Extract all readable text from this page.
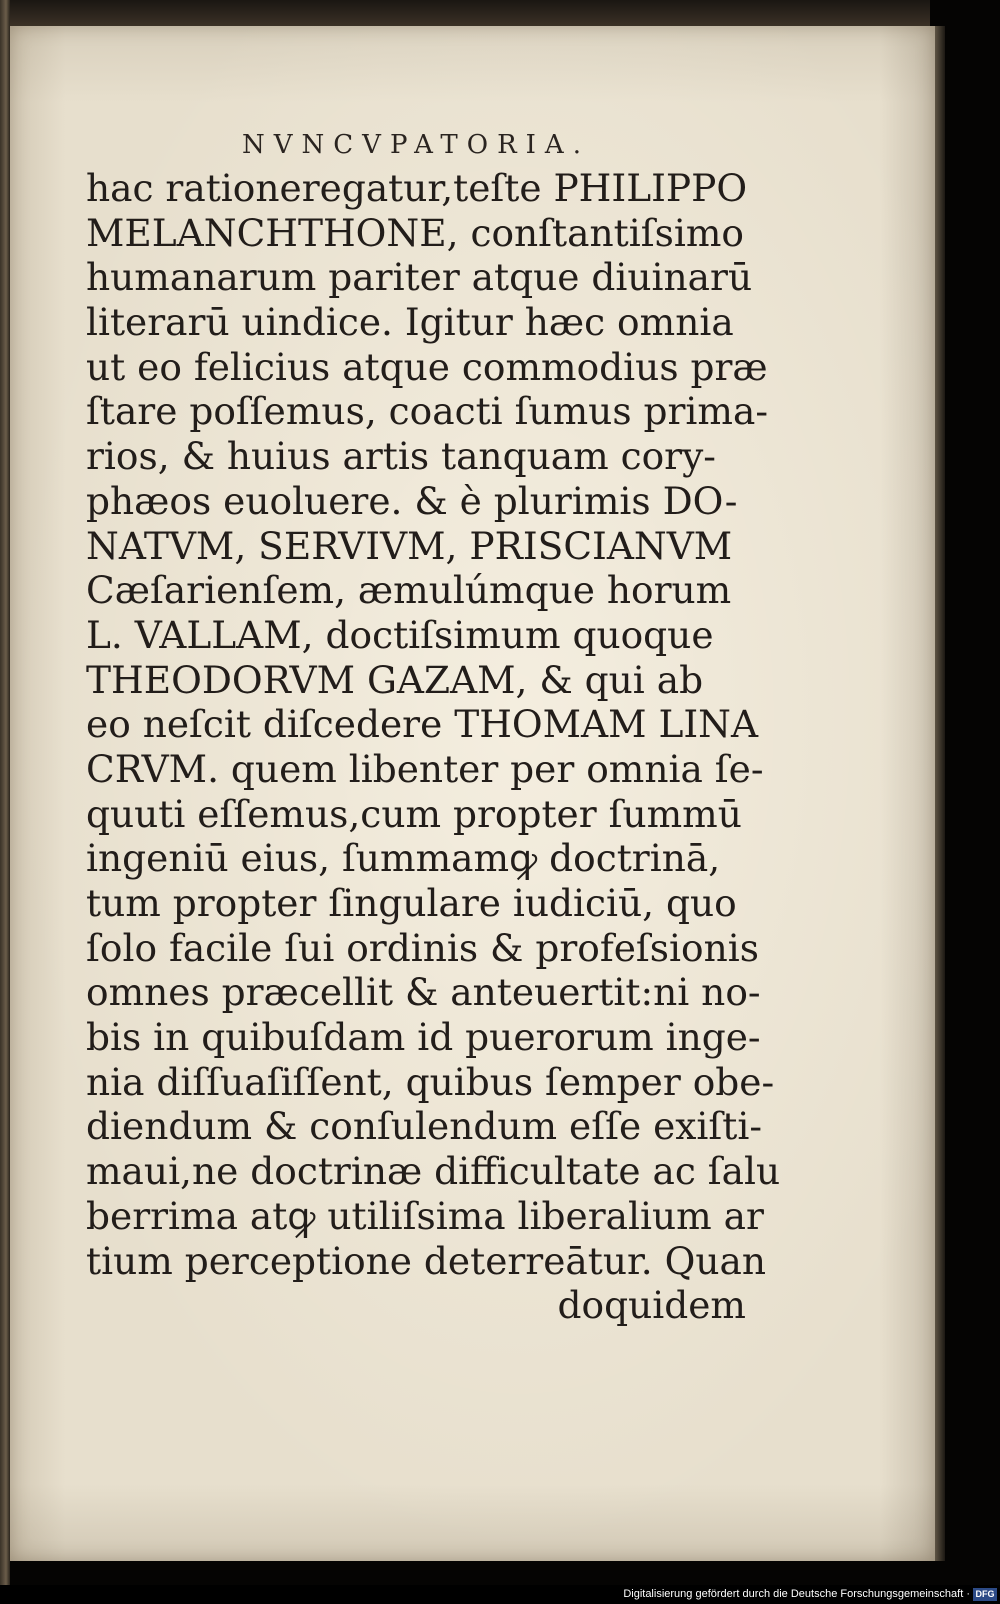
NVNCVPATORIA.
hac rationeregatur,teſte PHILIPPO
MELANCHTHONE, conſtantiſsimo
humanarum pariter atque diuinarū
literarū uindice. Igitur hæc omnia
ut eo felicius atque commodius præ
ſtare poſſemus, coacti ſumus prima-
rios, & huius artis tanquam cory-
phæos euoluere. & è plurimis DO-
NATVM, SERVIVM, PRISCIANVM
Cæſarienſem, æmulúmque horum
L. VALLAM, doctiſsimum quoque
THEODORVM GAZAM, & qui ab
eo neſcit diſcedere THOMAM LINA
CRVM. quem libenter per omnia ſe-
quuti eſſemus,cum propter ſummū
ingeniū eius, ſummamꝙ doctrinā,
tum propter ſingulare iudiciū, quo
ſolo facile ſui ordinis & profeſsionis
omnes præcellit & anteuertit:ni no-
bis in quibuſdam id puerorum inge-
nia diſſuaſiſſent, quibus ſemper obe-
diendum & conſulendum eſſe exiſti-
maui,ne doctrinæ difficultate ac ſalu
berrima atꝙ utiliſsima liberalium ar
tium perceptione deterreātur. Quan
doquidem
Digitalisierung gefördert durch die Deutsche Forschungsgemeinschaft · DFG
